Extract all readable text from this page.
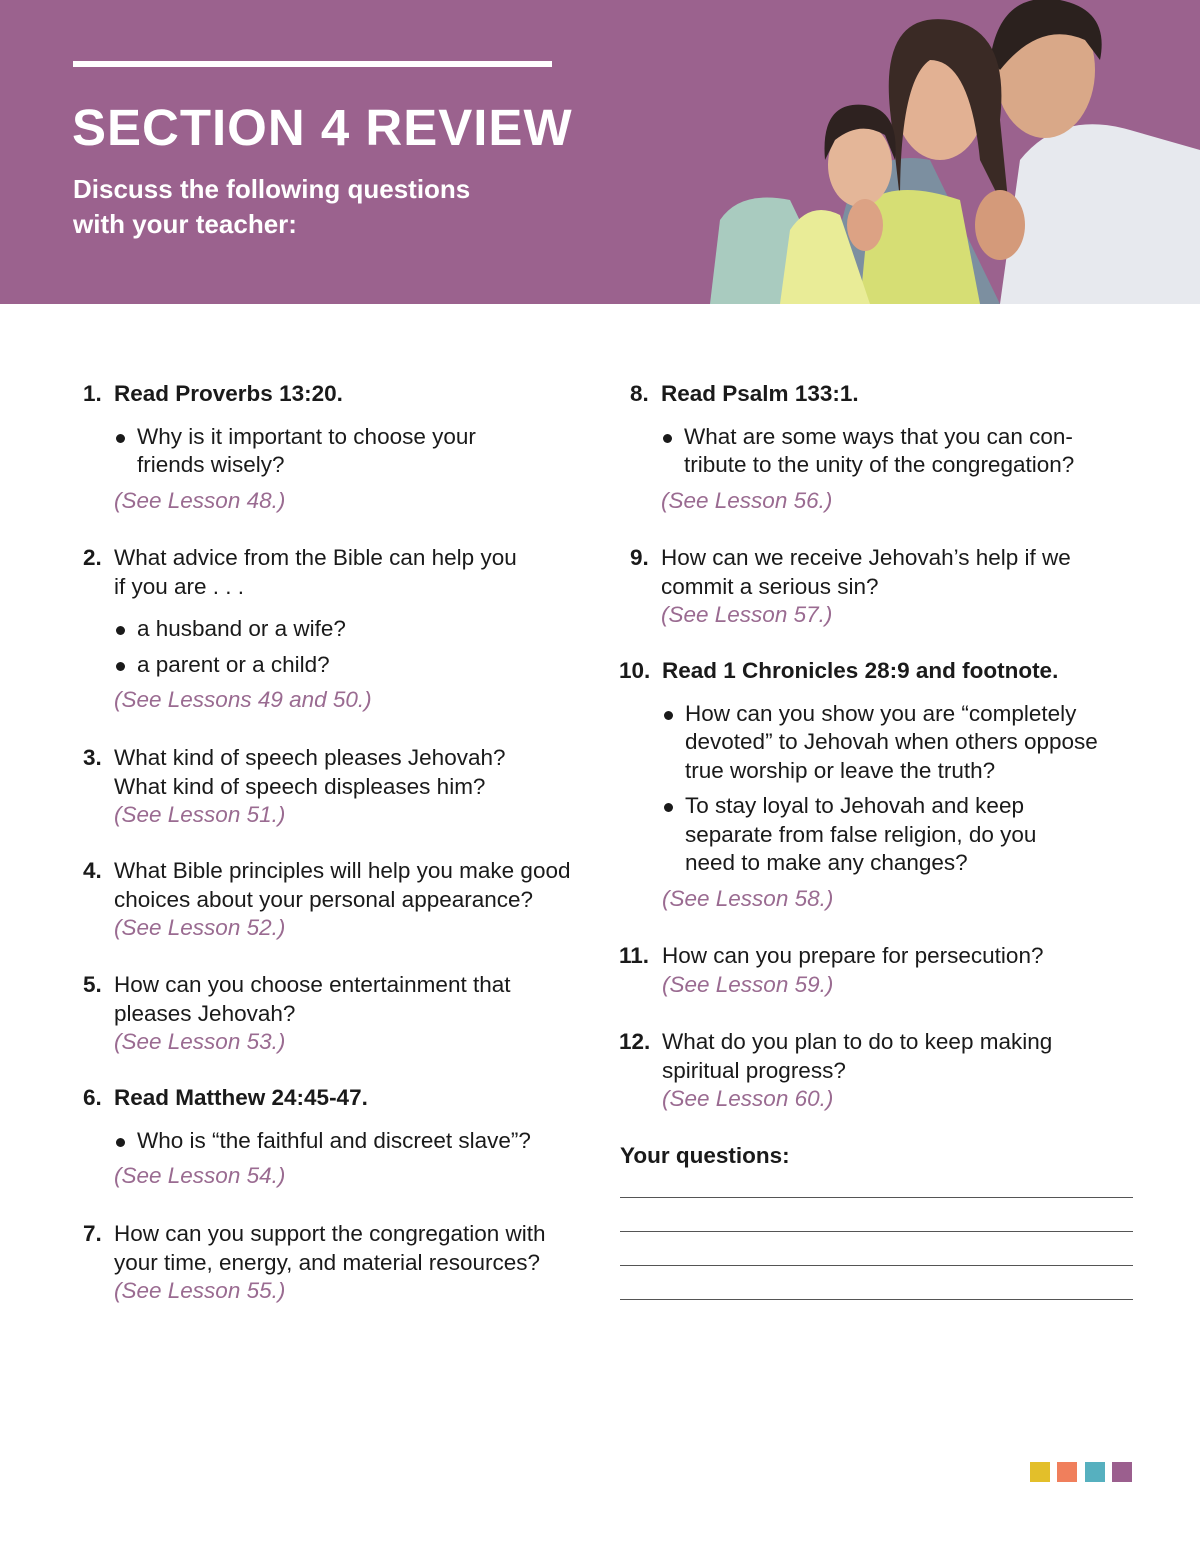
SECTION 4 REVIEW
Discuss the following questions
with your teacher:
1. Read Proverbs 13:20.
Why is it important to choose your
friends wisely?
(See Lesson 48.)
2. What advice from the Bible can help you
if you are . . .
a husband or a wife?
a parent or a child?
(See Lessons 49 and 50.)
3. What kind of speech pleases Jehovah?
What kind of speech displeases him?
(See Lesson 51.)
4. What Bible principles will help you make good
choices about your personal appearance?
(See Lesson 52.)
5. How can you choose entertainment that
pleases Jehovah?
(See Lesson 53.)
6. Read Matthew 24:45-47.
Who is “the faithful and discreet slave”?
(See Lesson 54.)
7. How can you support the congregation with
your time, energy, and material resources?
(See Lesson 55.)
8. Read Psalm 133:1.
What are some ways that you can con-
tribute to the unity of the congregation?
(See Lesson 56.)
9. How can we receive Jehovah’s help if we
commit a serious sin?
(See Lesson 57.)
10. Read 1 Chronicles 28:9 and footnote.
How can you show you are “completely
devoted” to Jehovah when others oppose
true worship or leave the truth?
To stay loyal to Jehovah and keep
separate from false religion, do you
need to make any changes?
(See Lesson 58.)
11. How can you prepare for persecution?
(See Lesson 59.)
12. What do you plan to do to keep making
spiritual progress?
(See Lesson 60.)
Your questions:
